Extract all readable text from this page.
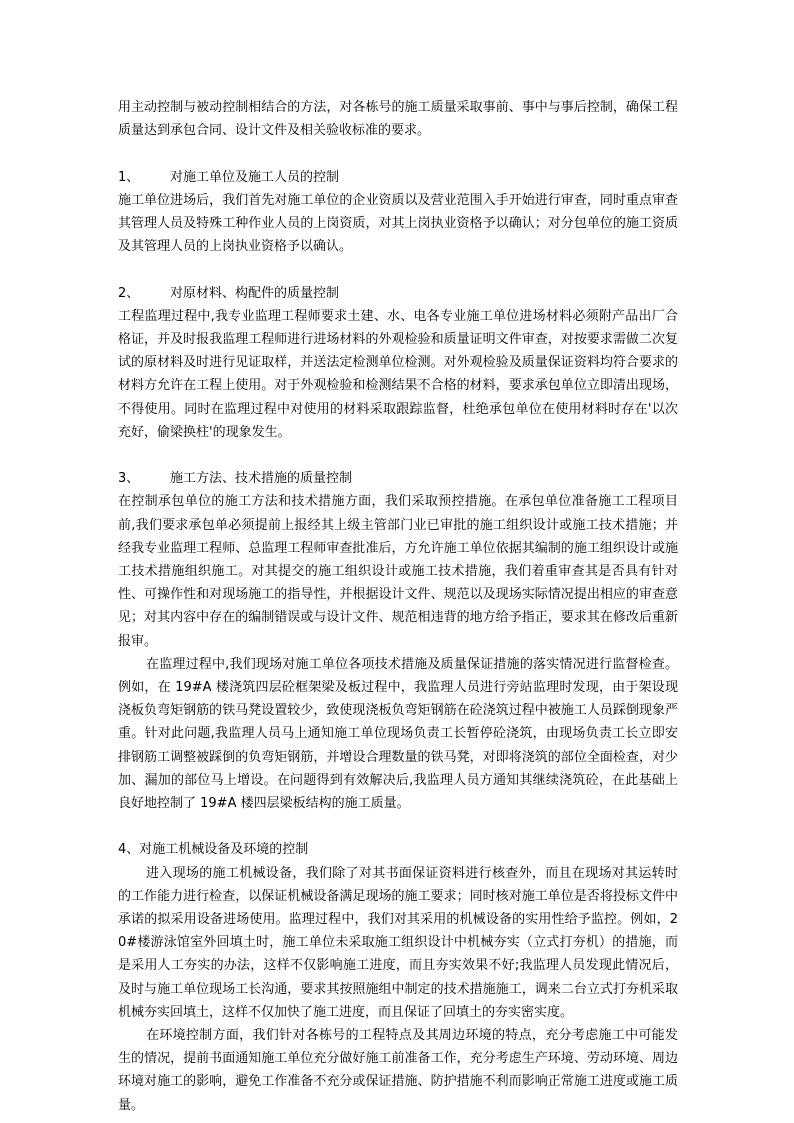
用主动控制与被动控制相结合的方法，对各栋号的施工质量采取事前、事中与事后控制，确保工程质量达到承包合同、设计文件及相关验收标准的要求。

1、 对施工单位及施工人员的控制

施工单位进场后，我们首先对施工单位的企业资质以及营业范围入手开始进行审查，同时重点审查其管理人员及特殊工种作业人员的上岗资质，对其上岗执业资格予以确认；对分包单位的施工资质及其管理人员的上岗执业资格予以确认。

2、 对原材料、构配件的质量控制

工程监理过程中,我专业监理工程师要求土建、水、电各专业施工单位进场材料必须附产品出厂合格证，并及时报我监理工程师进行进场材料的外观检验和质量证明文件审查，对按要求需做二次复试的原材料及时进行见证取样，并送法定检测单位检测。对外观检验及质量保证资料均符合要求的材料方允许在工程上使用。对于外观检验和检测结果不合格的材料，要求承包单位立即清出现场，不得使用。同时在监理过程中对使用的材料采取跟踪监督，杜绝承包单位在使用材料时存在'以次充好，偷梁换柱'的现象发生。

3、 施工方法、技术措施的质量控制

在控制承包单位的施工方法和技术措施方面，我们采取预控措施。在承包单位准备施工工程项目前,我们要求承包单必须提前上报经其上级主管部门业已审批的施工组织设计或施工技术措施；并经我专业监理工程师、总监理工程师审查批准后，方允许施工单位依据其编制的施工组织设计或施工技术措施组织施工。对其提交的施工组织设计或施工技术措施，我们着重审查其是否具有针对性、可操作性和对现场施工的指导性，并根据设计文件、规范以及现场实际情况提出相应的审查意见；对其内容中存在的编制错误或与设计文件、规范相违背的地方给予指正，要求其在修改后重新报审。

在监理过程中,我们现场对施工单位各项技术措施及质量保证措施的落实情况进行监督检查。例如，在 19#A 楼浇筑四层砼框架梁及板过程中，我监理人员进行旁站监理时发现，由于架设现浇板负弯矩钢筋的铁马凳设置较少，致使现浇板负弯矩钢筋在砼浇筑过程中被施工人员踩倒现象严重。针对此问题,我监理人员马上通知施工单位现场负责工长暂停砼浇筑，由现场负责工长立即安排钢筋工调整被踩倒的负弯矩钢筋，并增设合理数量的铁马凳，对即将浇筑的部位全面检查，对少加、漏加的部位马上增设。在问题得到有效解决后,我监理人员方通知其继续浇筑砼，在此基础上良好地控制了 19#A 楼四层梁板结构的施工质量。

4、对施工机械设备及环境的控制

进入现场的施工机械设备，我们除了对其书面保证资料进行核查外，而且在现场对其运转时的工作能力进行检查，以保证机械设备满足现场的施工要求；同时核对施工单位是否将投标文件中承诺的拟采用设备进场使用。监理过程中，我们对其采用的机械设备的实用性给予监控。例如，20#楼游泳馆室外回填土时，施工单位未采取施工组织设计中机械夯实（立式打夯机）的措施，而是采用人工夯实的办法，这样不仅影响施工进度，而且夯实效果不好;我监理人员发现此情况后，及时与施工单位现场工长沟通，要求其按照施组中制定的技术措施施工，调来二台立式打夯机采取机械夯实回填土，这样不仅加快了施工进度，而且保证了回填土的夯实密实度。

在环境控制方面，我们针对各栋号的工程特点及其周边环境的特点，充分考虑施工中可能发生的情况，提前书面通知施工单位充分做好施工前准备工作，充分考虑生产环境、劳动环境、周边环境对施工的影响，避免工作准备不充分或保证措施、防护措施不利而影响正常施工进度或施工质量。
